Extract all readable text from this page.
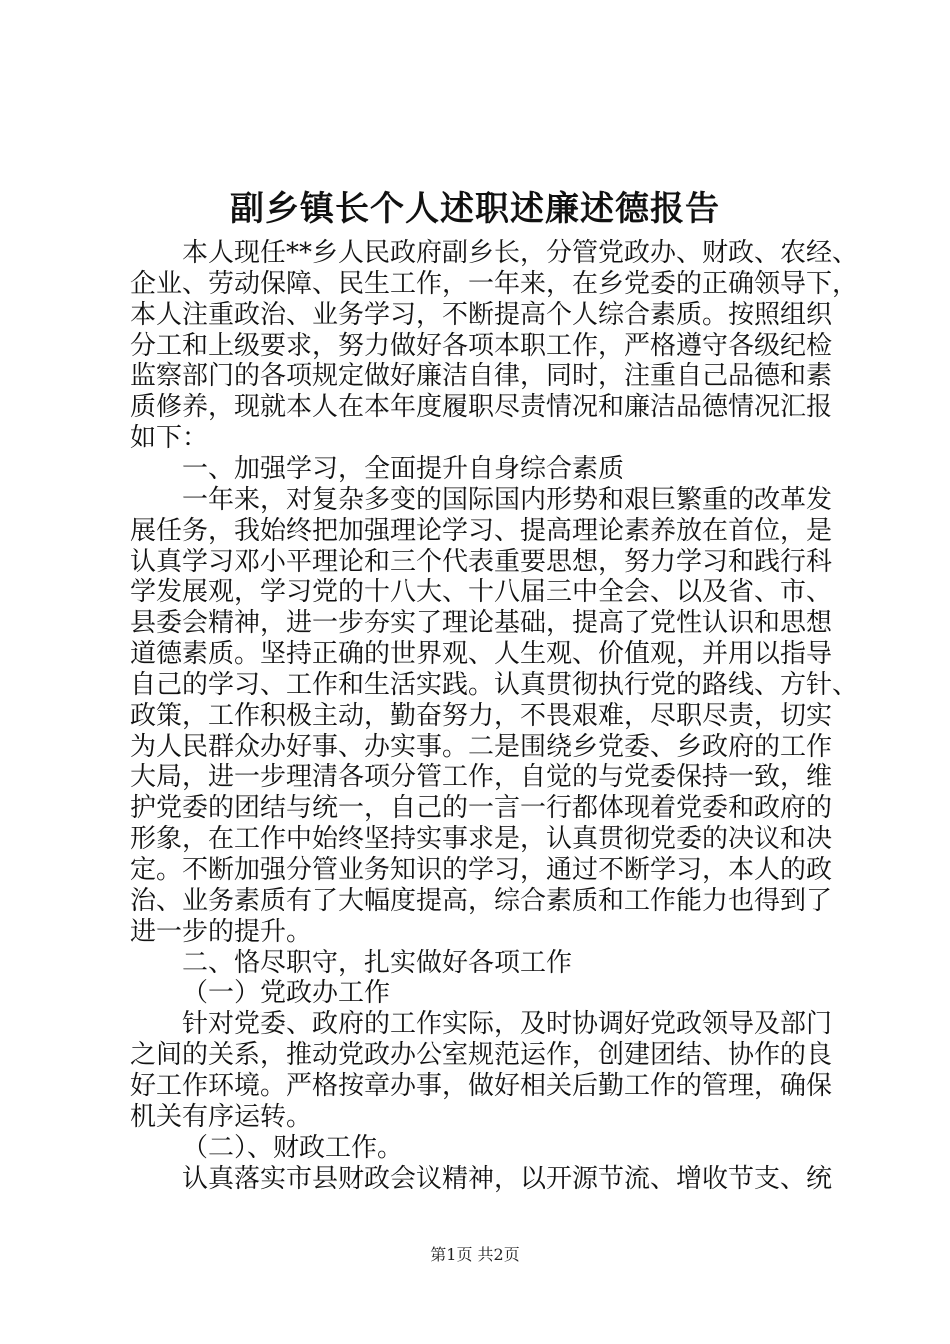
副乡镇长个人述职述廉述德报告
本人现任**乡人民政府副乡长，分管党政办、财政、农经、
企业、劳动保障、民生工作，一年来，在乡党委的正确领导下，
本人注重政治、业务学习，不断提高个人综合素质。按照组织
分工和上级要求，努力做好各项本职工作，严格遵守各级纪检
监察部门的各项规定做好廉洁自律，同时，注重自己品德和素
质修养，现就本人在本年度履职尽责情况和廉洁品德情况汇报
如下：
一、加强学习，全面提升自身综合素质
一年来，对复杂多变的国际国内形势和艰巨繁重的改革发
展任务，我始终把加强理论学习、提高理论素养放在首位，是
认真学习邓小平理论和三个代表重要思想，努力学习和践行科
学发展观，学习党的十八大、十八届三中全会、以及省、市、
县委会精神，进一步夯实了理论基础，提高了党性认识和思想
道德素质。坚持正确的世界观、人生观、价值观，并用以指导
自己的学习、工作和生活实践。认真贯彻执行党的路线、方针、
政策，工作积极主动，勤奋努力，不畏艰难，尽职尽责，切实
为人民群众办好事、办实事。二是围绕乡党委、乡政府的工作
大局，进一步理清各项分管工作，自觉的与党委保持一致，维
护党委的团结与统一，自己的一言一行都体现着党委和政府的
形象，在工作中始终坚持实事求是，认真贯彻党委的决议和决
定。不断加强分管业务知识的学习，通过不断学习，本人的政
治、业务素质有了大幅度提高，综合素质和工作能力也得到了
进一步的提升。
二、恪尽职守，扎实做好各项工作
（一）党政办工作
针对党委、政府的工作实际，及时协调好党政领导及部门
之间的关系，推动党政办公室规范运作，创建团结、协作的良
好工作环境。严格按章办事，做好相关后勤工作的管理，确保
机关有序运转。
（二）、财政工作。
认真落实市县财政会议精神，以开源节流、增收节支、统
第1页 共2页
